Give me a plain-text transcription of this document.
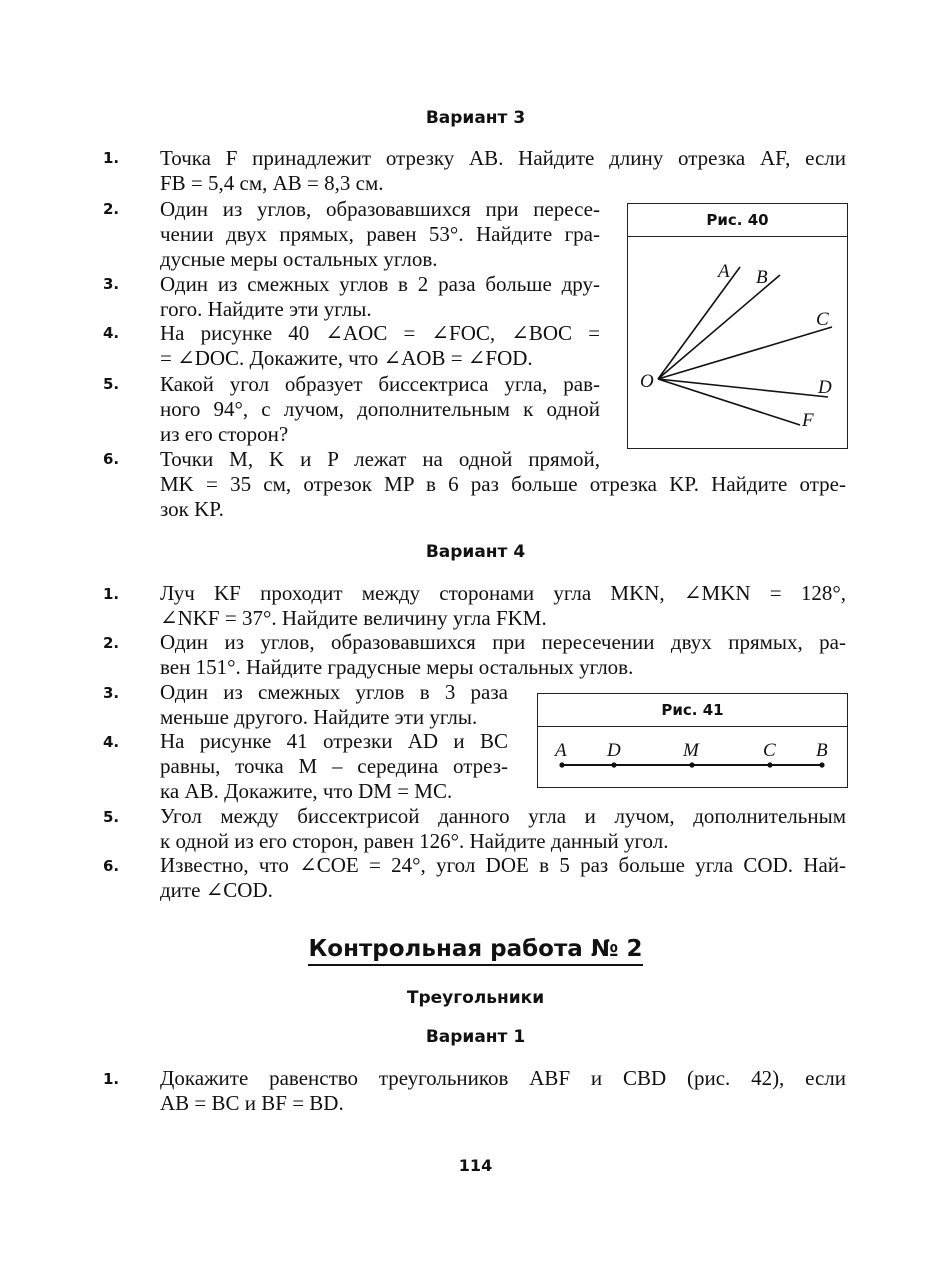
Вариант 3
1. Точка F принадлежит отрезку AB. Найдите длину отрезка AF, если
FB = 5,4 см, AB = 8,3 см.
2. Один из углов, образовавшихся при пересе-
чении двух прямых, равен 53°. Найдите гра-
дусные меры остальных углов.
3. Один из смежных углов в 2 раза больше дру-
гого. Найдите эти углы.
4. На рисунке 40 ∠AOC = ∠FOC, ∠BOC =
= ∠DOC. Докажите, что ∠AOB = ∠FOD.
5. Какой угол образует биссектриса угла, рав-
ного 94°, с лучом, дополнительным к одной
из его сторон?
6. Точки M, K и P лежат на одной прямой,
MK = 35 см, отрезок MP в 6 раз больше отрезка KP. Найдите отре-
зок KP.
Рис. 40
A B
C
D
F
O
Вариант 4
1. Луч KF проходит между сторонами угла MKN, ∠MKN = 128°,
∠NKF = 37°. Найдите величину угла FKM.
2. Один из углов, образовавшихся при пересечении двух прямых, ра-
вен 151°. Найдите градусные меры остальных углов.
3. Один из смежных углов в 3 раза
меньше другого. Найдите эти углы.
4. На рисунке 41 отрезки AD и BC
равны, точка M – середина отрез-
ка AB. Докажите, что DM = MC.
5. Угол между биссектрисой данного угла и лучом, дополнительным
к одной из его сторон, равен 126°. Найдите данный угол.
6. Известно, что ∠COE = 24°, угол DOE в 5 раз больше угла COD. Най-
дите ∠COD.
Рис. 41
A D	M	C B
Контрольная работа № 2
Треугольники
Вариант 1
1. Докажите равенство треугольников ABF и CBD (рис. 42), если
AB = BC и BF = BD.
114
